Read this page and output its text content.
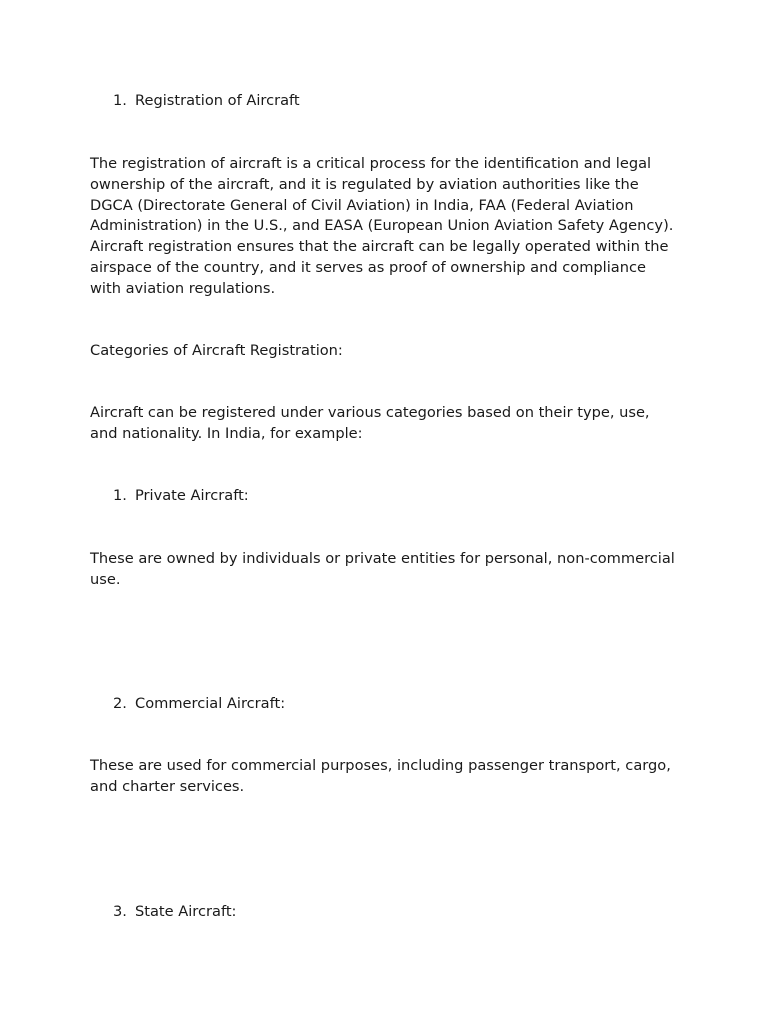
1. Registration of Aircraft

The registration of aircraft is a critical process for the identification and legal ownership of the aircraft, and it is regulated by aviation authorities like the DGCA (Directorate General of Civil Aviation) in India, FAA (Federal Aviation Administration) in the U.S., and EASA (European Union Aviation Safety Agency). Aircraft registration ensures that the aircraft can be legally operated within the airspace of the country, and it serves as proof of ownership and compliance with aviation regulations.

Categories of Aircraft Registration:

Aircraft can be registered under various categories based on their type, use, and nationality. In India, for example:

1. Private Aircraft:

These are owned by individuals or private entities for personal, non-commercial use.

2. Commercial Aircraft:

These are used for commercial purposes, including passenger transport, cargo, and charter services.

3. State Aircraft:
